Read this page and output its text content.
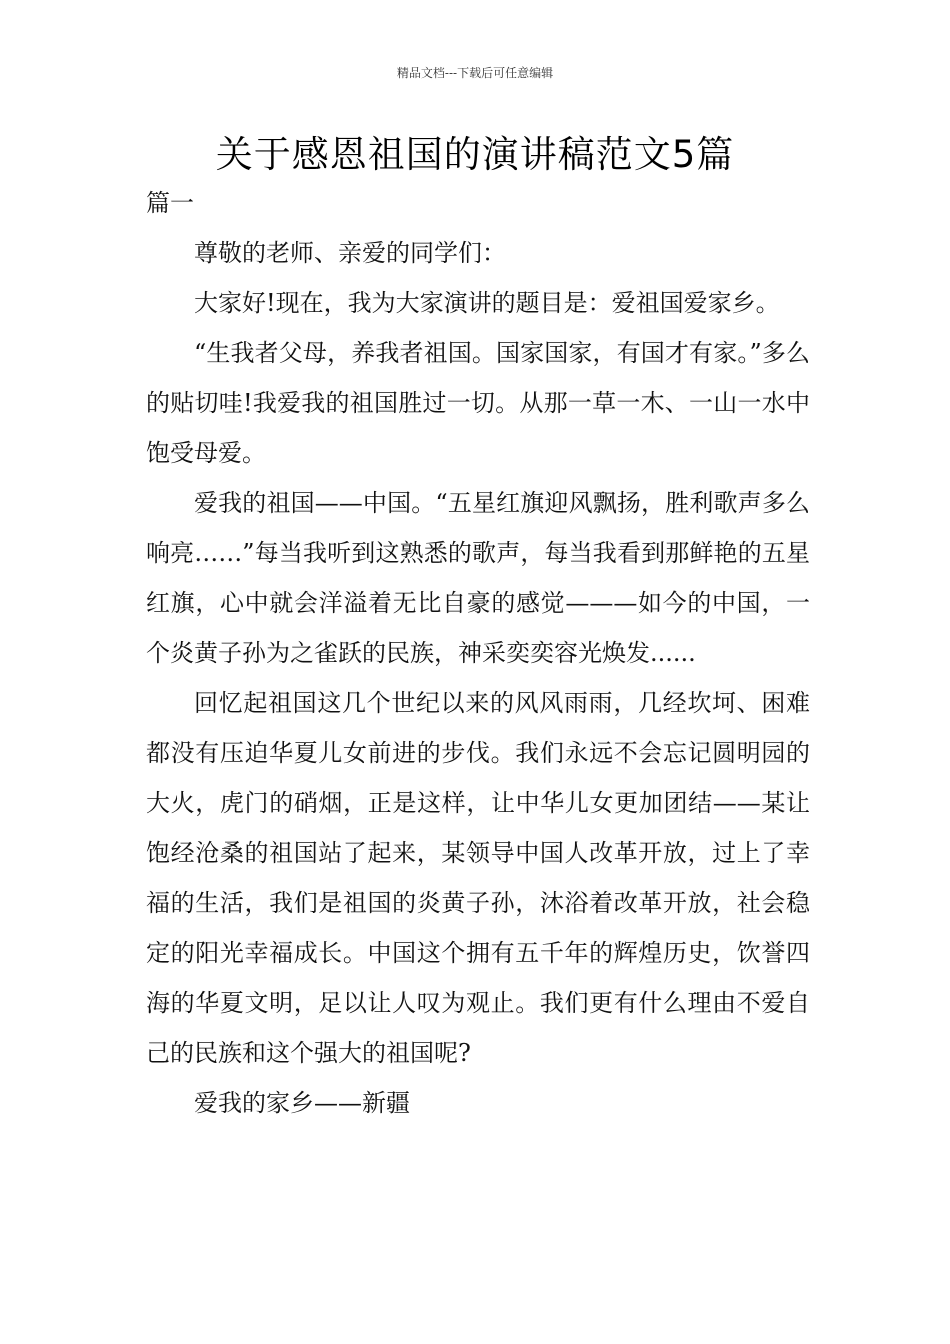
精品文档---下载后可任意编辑
关于感恩祖国的演讲稿范文5篇

篇一

尊敬的老师、亲爱的同学们：

大家好!现在，我为大家演讲的题目是：爱祖国爱家乡。

“生我者父母，养我者祖国。国家国家，有国才有家。”多么的贴切哇!我爱我的祖国胜过一切。从那一草一木、一山一水中饱受母爱。

爱我的祖国——中国。“五星红旗迎风飘扬，胜利歌声多么响亮……”每当我听到这熟悉的歌声，每当我看到那鲜艳的五星红旗，心中就会洋溢着无比自豪的感觉———如今的中国，一个炎黄子孙为之雀跃的民族，神采奕奕容光焕发......

回忆起祖国这几个世纪以来的风风雨雨，几经坎坷、困难都没有压迫华夏儿女前进的步伐。我们永远不会忘记圆明园的大火，虎门的硝烟，正是这样，让中华儿女更加团结——某让饱经沧桑的祖国站了起来，某领导中国人改革开放，过上了幸福的生活，我们是祖国的炎黄子孙，沐浴着改革开放，社会稳定的阳光幸福成长。中国这个拥有五千年的辉煌历史，饮誉四海的华夏文明，足以让人叹为观止。我们更有什么理由不爱自己的民族和这个强大的祖国呢?

爱我的家乡——新疆
